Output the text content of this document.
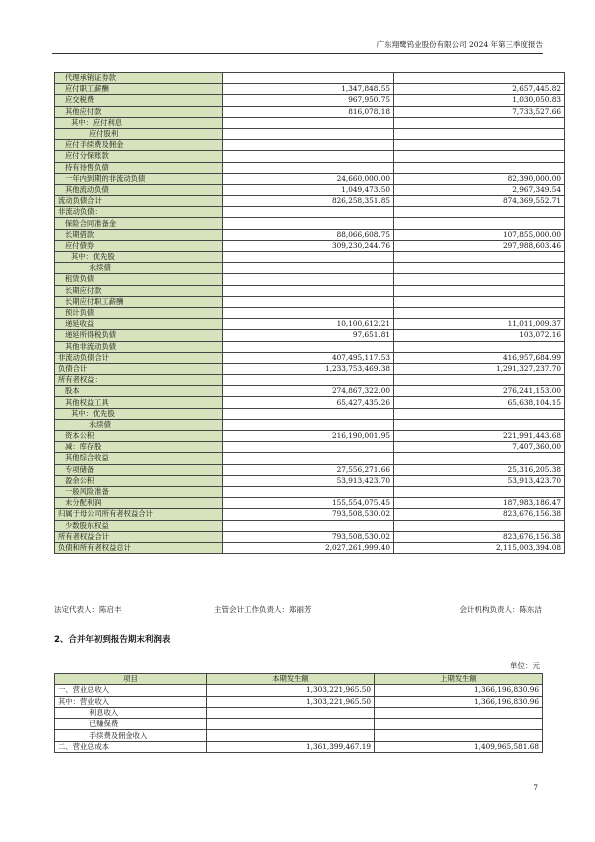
广东翔鹭钨业股份有限公司 2024 年第三季度报告
代理承销证券款		
应付职工薪酬	1,347,848.55	2,657,445.82
应交税费	967,950.75	1,030,050.83
其他应付款	816,078.18	7,733,527.66
其中：应付利息		
应付股利		
应付手续费及佣金		
应付分保账款		
持有待售负债		
一年内到期的非流动负债	24,660,000.00	82,390,000.00
其他流动负债	1,049,473.50	2,967,349.54
流动负债合计	826,258,351.85	874,369,552.71
非流动负债：		
保险合同准备金		
长期借款	88,066,608.75	107,855,000.00
应付债券	309,230,244.76	297,988,603.46
其中：优先股		
永续债		
租赁负债		
长期应付款		
长期应付职工薪酬		
预计负债		
递延收益	10,100,612.21	11,011,009.37
递延所得税负债	97,651.81	103,072.16
其他非流动负债		
非流动负债合计	407,495,117.53	416,957,684.99
负债合计	1,233,753,469.38	1,291,327,237.70
所有者权益：		
股本	274,867,322.00	276,241,153.00
其他权益工具	65,427,435.26	65,638,104.15
其中：优先股		
永续债		
资本公积	216,190,001.95	221,991,443.68
减：库存股		7,407,360.00
其他综合收益		
专项储备	27,556,271.66	25,316,205.38
盈余公积	53,913,423.70	53,913,423.70
一般风险准备		
未分配利润	155,554,075.45	187,983,186.47
归属于母公司所有者权益合计	793,508,530.02	823,676,156.38
少数股东权益		
所有者权益合计	793,508,530.02	823,676,156.38
负债和所有者权益总计	2,027,261,999.40	2,115,003,394.08
法定代表人：陈启丰	主管会计工作负责人：郑丽芳	会计机构负责人：陈东洁
2、合并年初到报告期末利润表
单位：元
项目	本期发生额	上期发生额
一、营业总收入	1,303,221,965.50	1,366,196,830.96
其中：营业收入	1,303,221,965.50	1,366,196,830.96
利息收入		
已赚保费		
手续费及佣金收入		
二、营业总成本	1,361,399,467.19	1,409,965,581.68
7
